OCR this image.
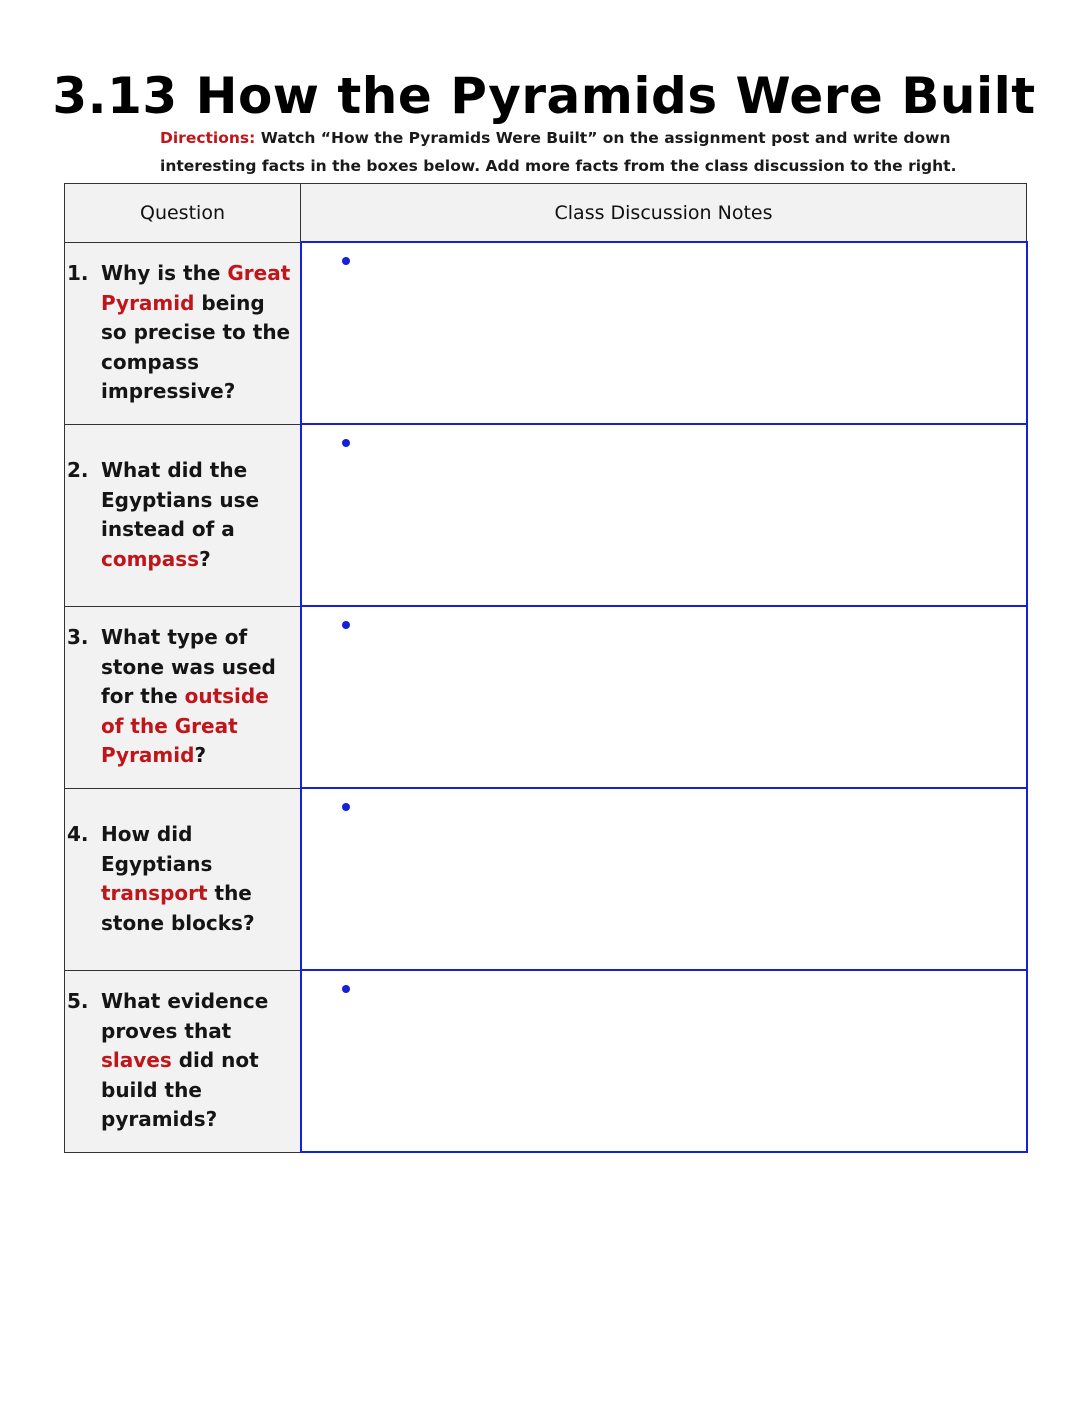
3.13 How the Pyramids Were Built

Directions: Watch “How the Pyramids Were Built” on the assignment post and write down interesting facts in the boxes below. Add more facts from the class discussion to the right.

Question	Class Discussion Notes

1. Why is the Great Pyramid being so precise to the compass impressive?	

2. What did the Egyptians use instead of a compass?	

3. What type of stone was used for the outside of the Great Pyramid?	

4. How did Egyptians transport the stone blocks?	

5. What evidence proves that slaves did not build the pyramids?	
